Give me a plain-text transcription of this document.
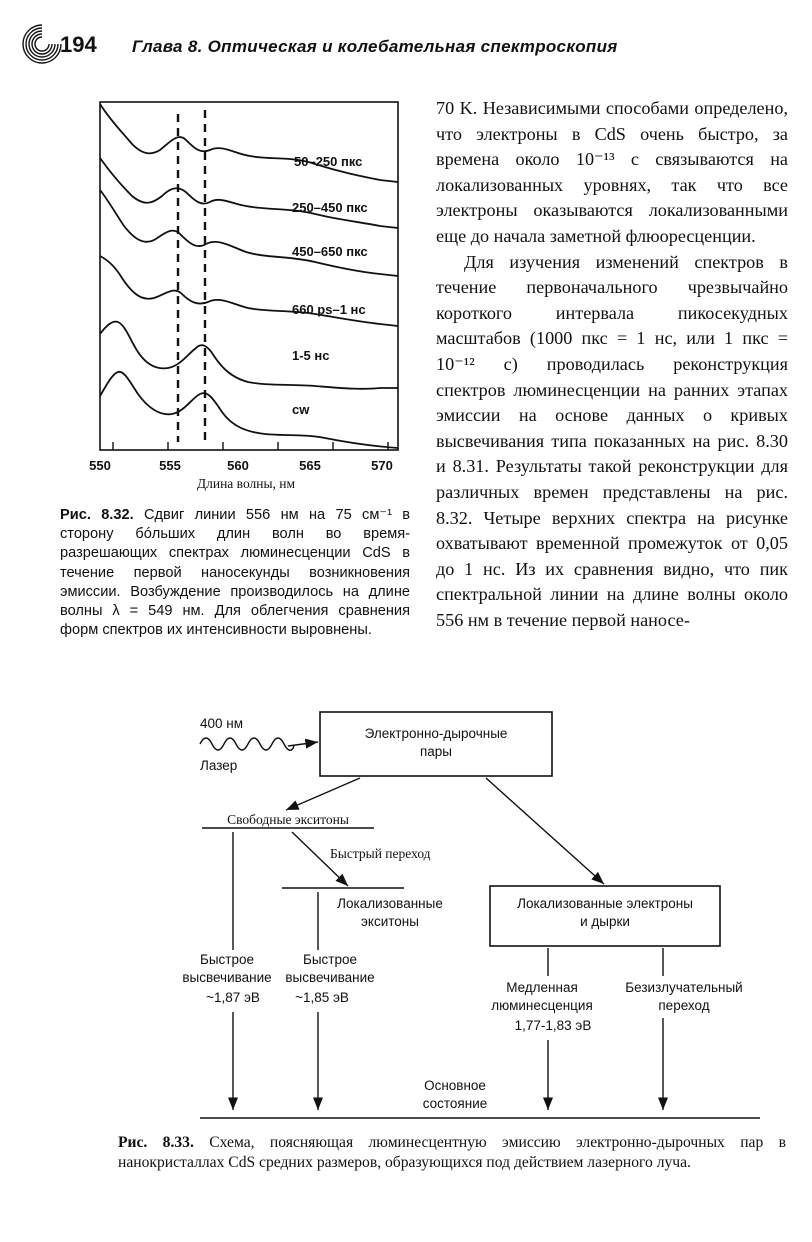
194 Глава 8. Оптическая и колебательная спектроскопия
50–250 пкс
250–450 пкс
450–650 пкс
660 ps–1 нс
1-5 нс
cw
550	555	560	565	570
Длина волны, нм
Рис. 8.32. Сдвиг линии 556 нм на 75 см⁻¹ в сторону бóльших длин волн во время-разрешающих спектрах люминесценции CdS в течение первой наносекунды возникновения эмиссии. Возбуждение производилось на длине волны λ = 549 нм. Для облегчения сравнения форм спектров их интенсивности выровнены.

70 K. Независимыми способами определено, что электроны в CdS очень быстро, за времена около 10⁻¹³ с связываются на локализованных уровнях, так что все электроны оказываются локализованными еще до начала заметной флюоресценции.

Для изучения изменений спектров в течение первоначального чрезвычайно короткого интервала пикосекудных масштабов (1000 пкс = 1 нс, или 1 пкс = 10⁻¹² с) проводилась реконструкция спектров люминесценции на ранних этапах эмиссии на основе данных о кривых высвечивания типа показанных на рис. 8.30 и 8.31. Результаты такой реконструкции для различных времен представлены на рис. 8.32. Четыре верхних спектра на рисунке охватывают временной промежуток от 0,05 до 1 нс. Из их сравнения видно, что пик спектральной линии на длине волны около 556 нм в течение первой наносе-

400 нм
Лазер
Электронно-дырочные
пары
Свободные экситоны
Быстрый переход
Локализованные
экситоны
Локализованные электроны
и дырки
Быстрое
высвечивание
~1,87 эВ
Быстрое
высвечивание
~1,85 эВ
Медленная
люминесценция
1,77-1,83 эВ
Безизлучательный
переход
Основное
состояние
Рис. 8.33. Схема, поясняющая люминесцентную эмиссию электронно-дырочных пар в нанокристаллах CdS средних размеров, образующихся под действием лазерного луча.
